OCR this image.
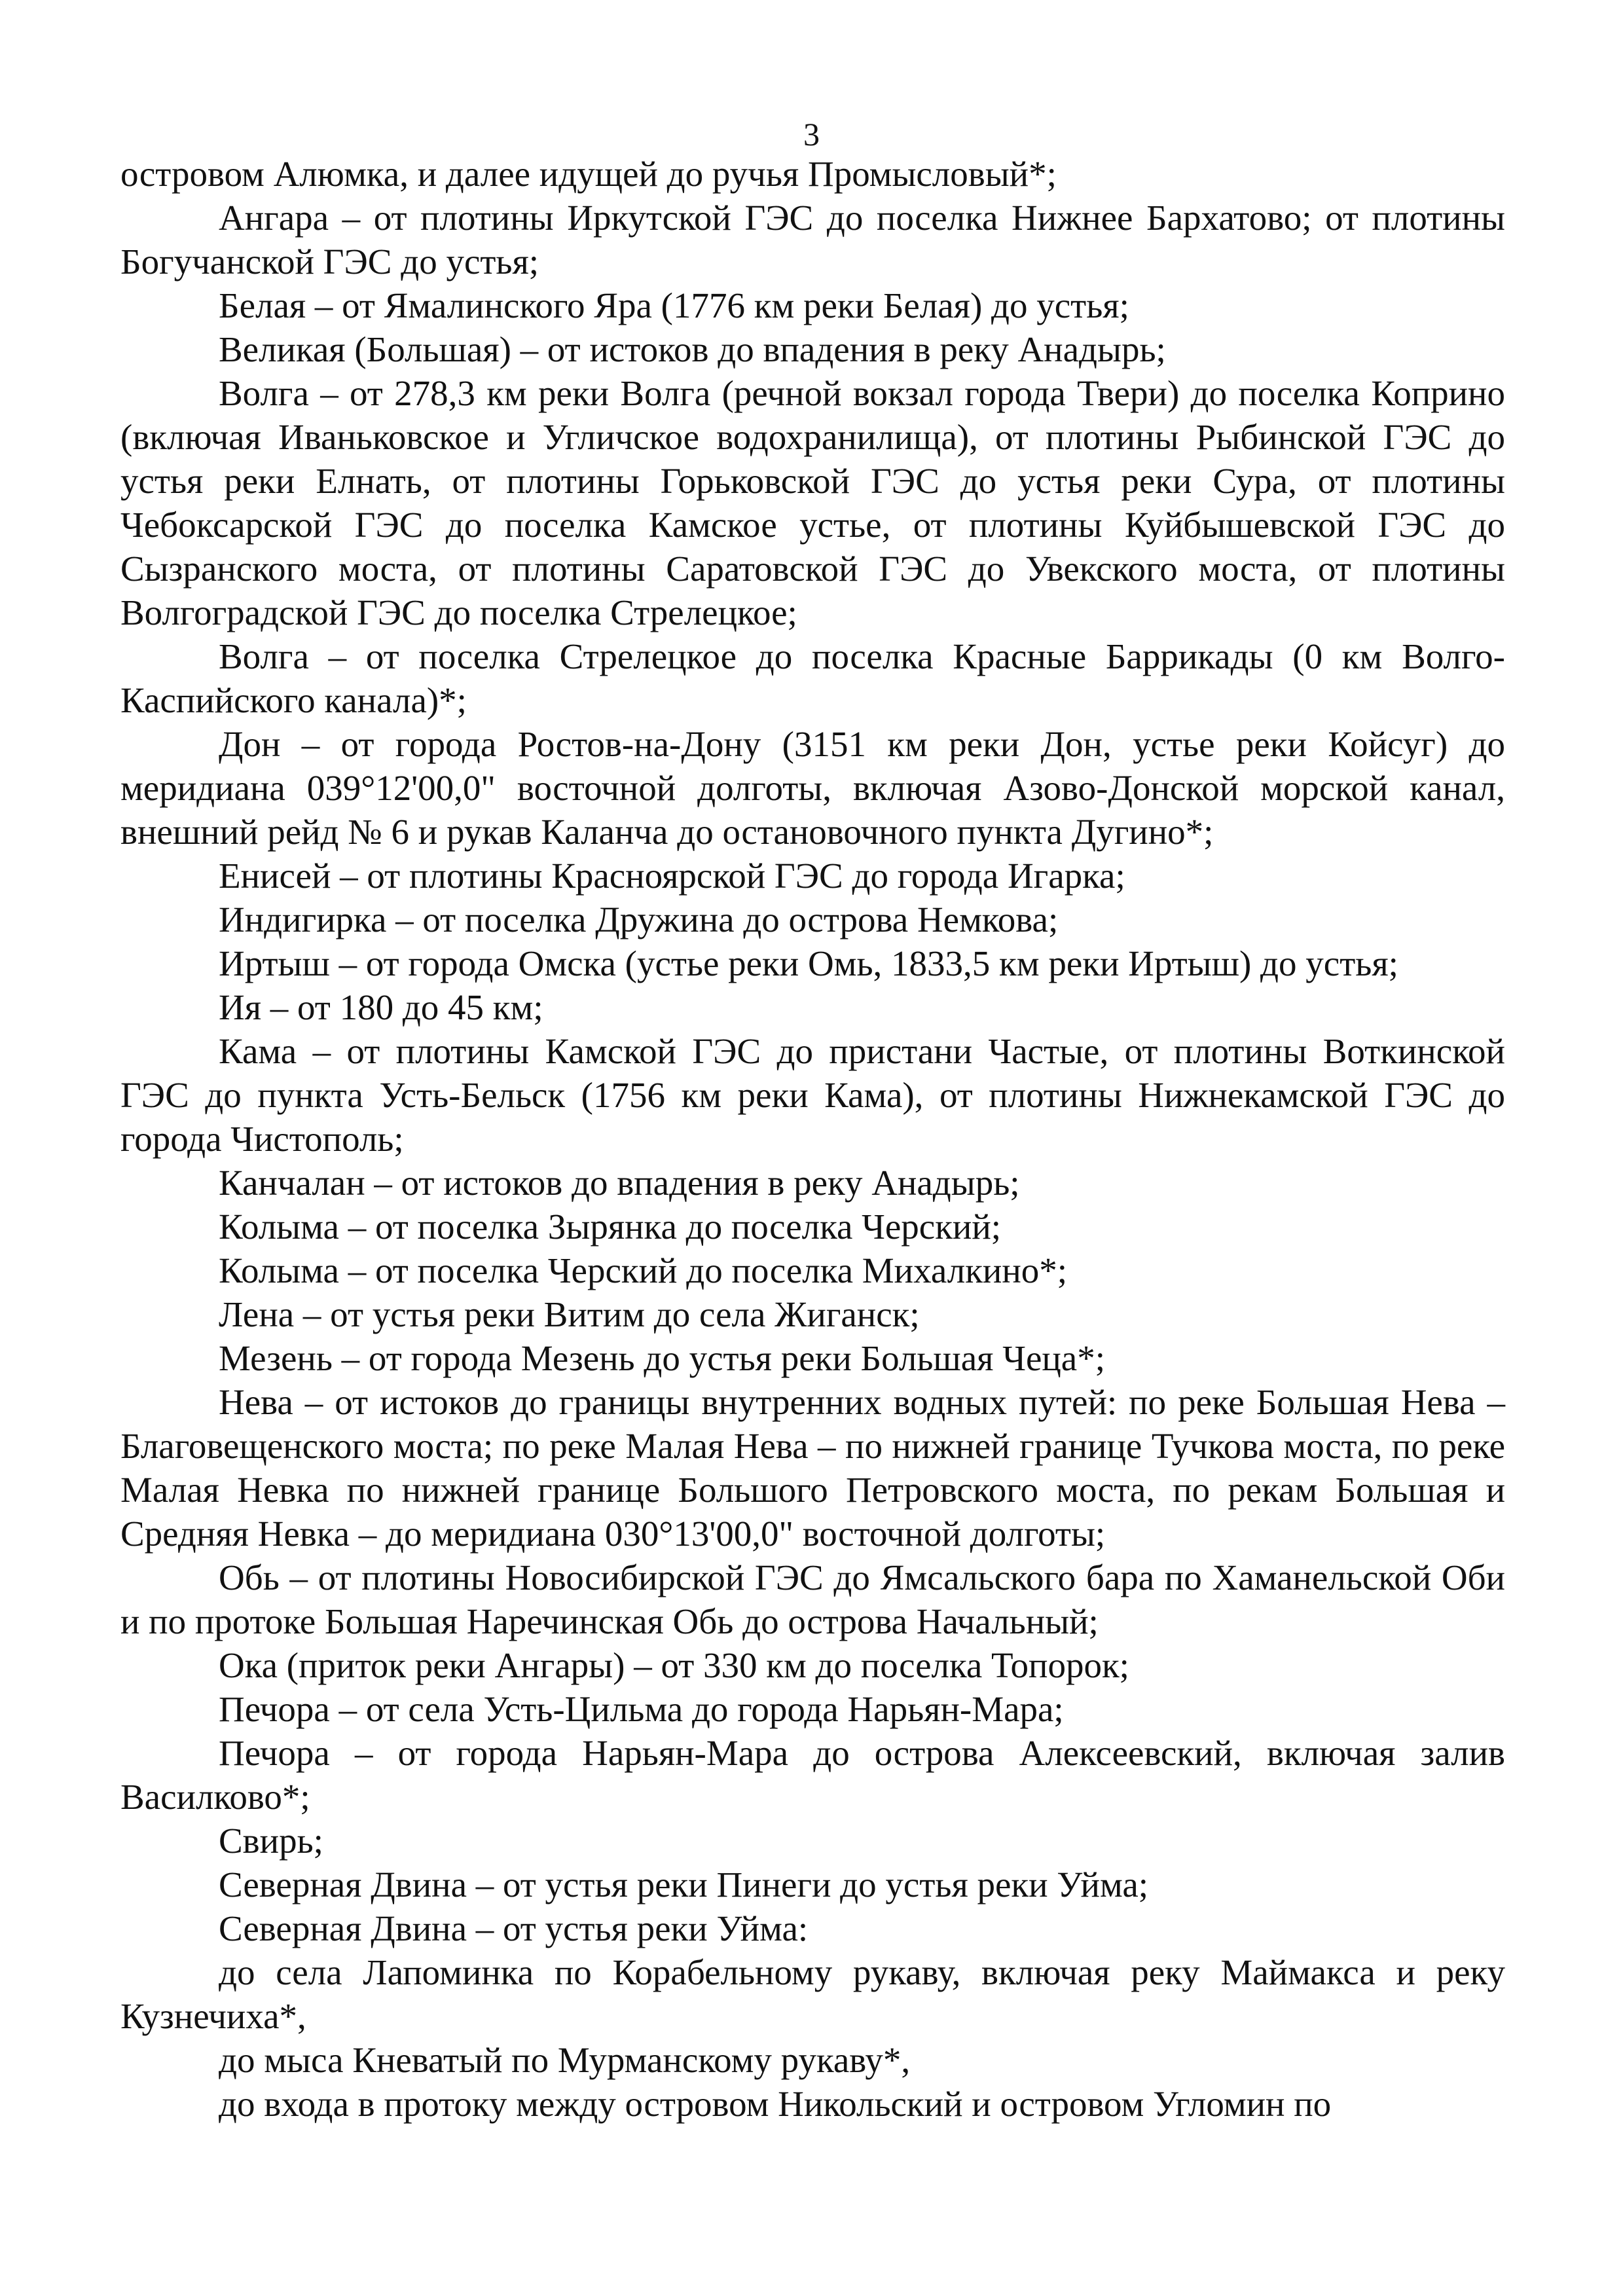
3

островом Алюмка, и далее идущей до ручья Промысловый*;

Ангара – от плотины Иркутской ГЭС до поселка Нижнее Бархатово; от плотины Богучанской ГЭС до устья;

Белая – от Ямалинского Яра (1776 км реки Белая) до устья;

Великая (Большая) – от истоков до впадения в реку Анадырь;

Волга – от 278,3 км реки Волга (речной вокзал города Твери) до поселка Коприно (включая Иваньковское и Угличское водохранилища), от плотины Рыбинской ГЭС до устья реки Елнать, от плотины Горьковской ГЭС до устья реки Сура, от плотины Чебоксарской ГЭС до поселка Камское устье, от плотины Куйбышевской ГЭС до Сызранского моста, от плотины Саратовской ГЭС до Увекского моста, от плотины Волгоградской ГЭС до поселка Стрелецкое;

Волга – от поселка Стрелецкое до поселка Красные Баррикады (0 км Волго-Каспийского канала)*;

Дон – от города Ростов-на-Дону (3151 км реки Дон, устье реки Койсуг) до меридиана 039°12'00,0" восточной долготы, включая Азово-Донской морской канал, внешний рейд № 6 и рукав Каланча до остановочного пункта Дугино*;

Енисей – от плотины Красноярской ГЭС до города Игарка;

Индигирка – от поселка Дружина до острова Немкова;

Иртыш – от города Омска (устье реки Омь, 1833,5 км реки Иртыш) до устья;

Ия – от 180 до 45 км;

Кама – от плотины Камской ГЭС до пристани Частые, от плотины Воткинской ГЭС до пункта Усть-Бельск (1756 км реки Кама), от плотины Нижнекамской ГЭС до города Чистополь;

Канчалан – от истоков до впадения в реку Анадырь;

Колыма – от поселка Зырянка до поселка Черский;

Колыма – от поселка Черский до поселка Михалкино*;

Лена – от устья реки Витим до села Жиганск;

Мезень – от города Мезень до устья реки Большая Чеца*;

Нева – от истоков до границы внутренних водных путей: по реке Большая Нева – Благовещенского моста; по реке Малая Нева – по нижней границе Тучкова моста, по реке Малая Невка по нижней границе Большого Петровского моста, по рекам Большая и Средняя Невка – до меридиана 030°13'00,0" восточной долготы;

Обь – от плотины Новосибирской ГЭС до Ямсальского бара по Хаманельской Оби и по протоке Большая Наречинская Обь до острова Начальный;

Ока (приток реки Ангары) – от 330 км до поселка Топорок;

Печора – от села Усть-Цильма до города Нарьян-Мара;

Печора – от города Нарьян-Мара до острова Алексеевский, включая залив Василково*;

Свирь;

Северная Двина – от устья реки Пинеги до устья реки Уйма;

Северная Двина – от устья реки Уйма:

до села Лапоминка по Корабельному рукаву, включая реку Маймакса и реку Кузнечиха*,

до мыса Кневатый по Мурманскому рукаву*,

до входа в протоку между островом Никольский и островом Угломин по
